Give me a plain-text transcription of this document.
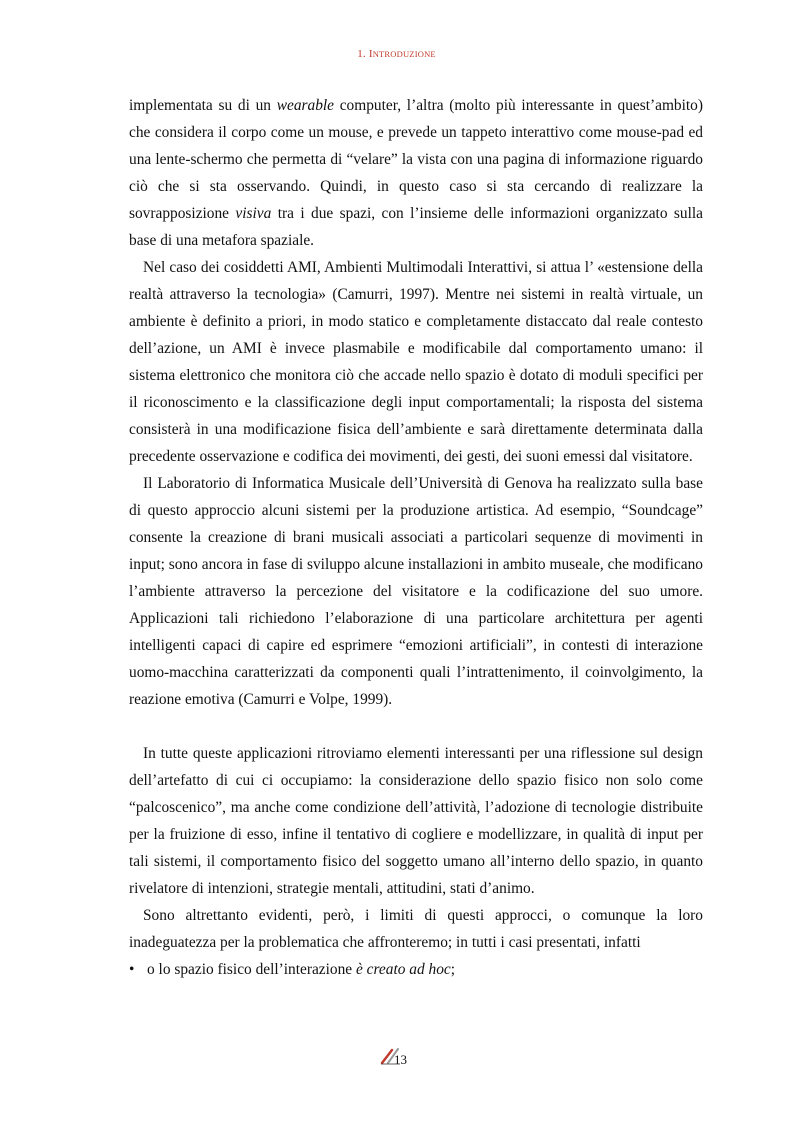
1. INTRODUZIONE

implementata su di un wearable computer, l’altra (molto più interessante in quest’ambito) che considera il corpo come un mouse, e prevede un tappeto interattivo come mouse-pad ed una lente-schermo che permetta di “velare” la vista con una pagina di informazione riguardo ciò che si sta osservando. Quindi, in questo caso si sta cercando di realizzare la sovrapposizione visiva tra i due spazi, con l’insieme delle informazioni organizzato sulla base di una metafora spaziale.

Nel caso dei cosiddetti AMI, Ambienti Multimodali Interattivi, si attua l’ «estensione della realtà attraverso la tecnologia» (Camurri, 1997). Mentre nei sistemi in realtà virtuale, un ambiente è definito a priori, in modo statico e completamente distaccato dal reale contesto dell’azione, un AMI è invece plasmabile e modificabile dal comportamento umano: il sistema elettronico che monitora ciò che accade nello spazio è dotato di moduli specifici per il riconoscimento e la classificazione degli input comportamentali; la risposta del sistema consisterà in una modificazione fisica dell’ambiente e sarà direttamente determinata dalla precedente osservazione e codifica dei movimenti, dei gesti, dei suoni emessi dal visitatore.

Il Laboratorio di Informatica Musicale dell’Università di Genova ha realizzato sulla base di questo approccio alcuni sistemi per la produzione artistica. Ad esempio, “Soundcage” consente la creazione di brani musicali associati a particolari sequenze di movimenti in input; sono ancora in fase di sviluppo alcune installazioni in ambito museale, che modificano l’ambiente attraverso la percezione del visitatore e la codificazione del suo umore. Applicazioni tali richiedono l’elaborazione di una particolare architettura per agenti intelligenti capaci di capire ed esprimere “emozioni artificiali”, in contesti di interazione uomo-macchina caratterizzati da componenti quali l’intrattenimento, il coinvolgimento, la reazione emotiva (Camurri e Volpe, 1999).

In tutte queste applicazioni ritroviamo elementi interessanti per una riflessione sul design dell’artefatto di cui ci occupiamo: la considerazione dello spazio fisico non solo come “palcoscenico”, ma anche come condizione dell’attività, l’adozione di tecnologie distribuite per la fruizione di esso, infine il tentativo di cogliere e modellizzare, in qualità di input per tali sistemi, il comportamento fisico del soggetto umano all’interno dello spazio, in quanto rivelatore di intenzioni, strategie mentali, attitudini, stati d’animo.

Sono altrettanto evidenti, però, i limiti di questi approcci, o comunque la loro inadeguatezza per la problematica che affronteremo; in tutti i casi presentati, infatti

• o lo spazio fisico dell’interazione è creato ad hoc;
13
